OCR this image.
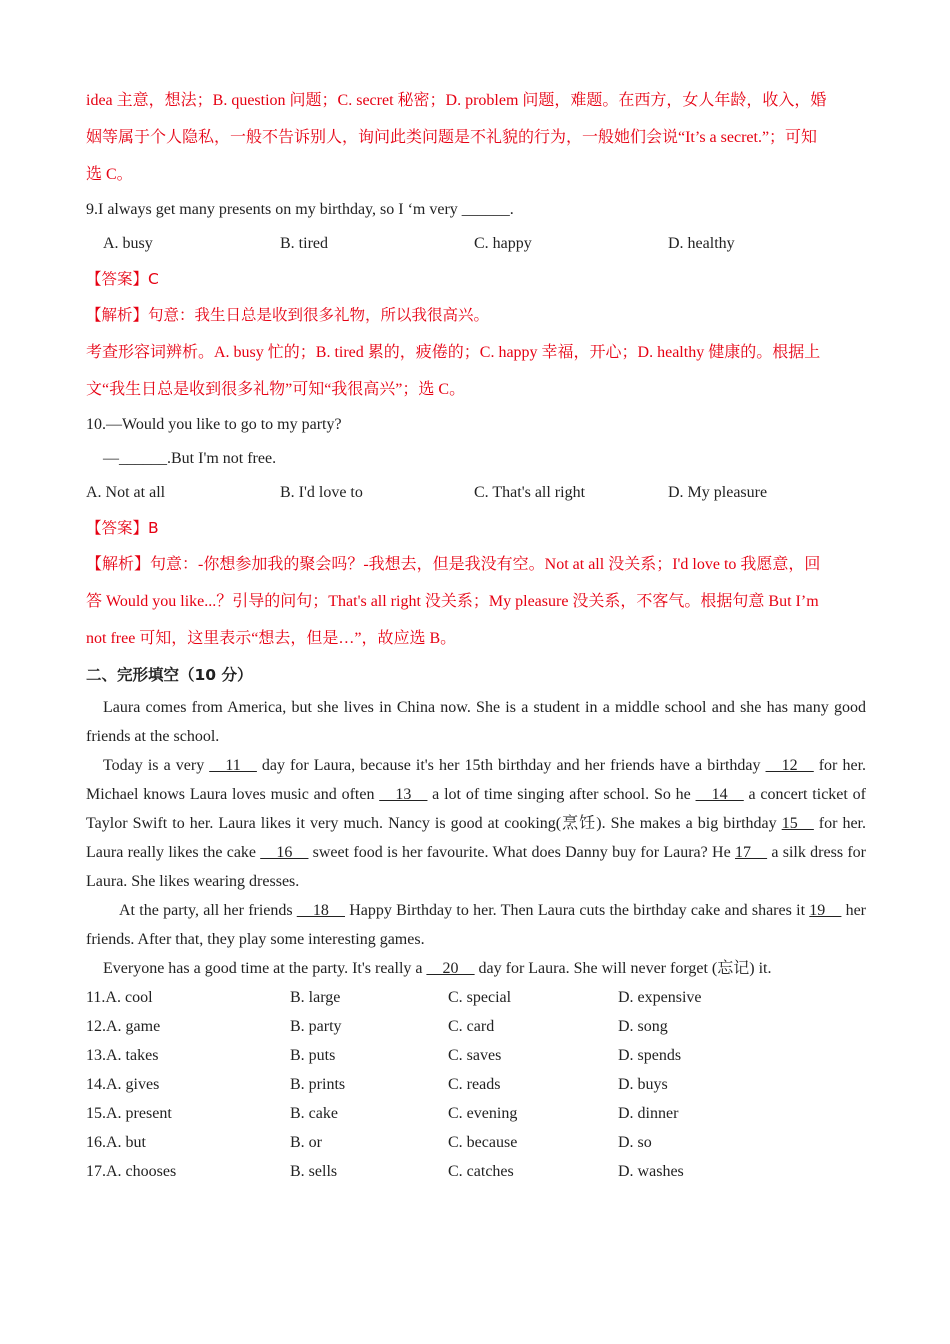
idea 主意，想法；B. question 问题；C. secret 秘密；D. problem 问题，难题。在西方，女人年龄，收入，婚

姻等属于个人隐私，一般不告诉别人，询问此类问题是不礼貌的行为，一般她们会说“It’s a secret.”；可知

选 C。

9.I always get many presents on my birthday, so I ‘m very ______.

A. busy	B. tired	C. happy	D. healthy

【答案】C

【解析】句意：我生日总是收到很多礼物，所以我很高兴。

考查形容词辨析。A. busy 忙的；B. tired 累的，疲倦的；C. happy 幸福，开心；D. healthy 健康的。根据上

文“我生日总是收到很多礼物”可知“我很高兴”；选 C。

10.—Would you like to go to my party?

—______.But I'm not free.

A. Not at all	B. I'd love to	C. That's all right	D. My pleasure

【答案】B

【解析】句意：-你想参加我的聚会吗？-我想去，但是我没有空。Not at all 没关系；I'd love to 我愿意，回

答 Would you like...？引导的问句；That's all right 没关系；My pleasure 没关系，不客气。根据句意 But I’m

not free 可知，这里表示“想去，但是…”，故应选 B。

二、完形填空（10 分）

Laura comes from America, but she lives in China now. She is a student in a middle school and she has many good friends at the school.

Today is a very __11__ day for Laura, because it's her 15th birthday and her friends have a birthday __12__ for her. Michael knows Laura loves music and often __13__ a lot of time singing after school. So he __14__ a concert ticket of Taylor Swift to her. Laura likes it very much. Nancy is good at cooking(烹饪). She makes a big birthday 15__ for her. Laura really likes the cake __16__ sweet food is her favourite. What does Danny buy for Laura? He 17__ a silk dress for Laura. She likes wearing dresses.

At the party, all her friends __18__ Happy Birthday to her. Then Laura cuts the birthday cake and shares it 19__ her friends. After that, they play some interesting games.

Everyone has a good time at the party. It's really a __20__ day for Laura. She will never forget (忘记) it.

11.A. cool	B. large	C. special	D. expensive
12.A. game	B. party	C. card	D. song
13.A. takes	B. puts	C. saves	D. spends
14.A. gives	B. prints	C. reads	D. buys
15.A. present	B. cake	C. evening	D. dinner
16.A. but	B. or	C. because	D. so
17.A. chooses	B. sells	C. catches	D. washes
